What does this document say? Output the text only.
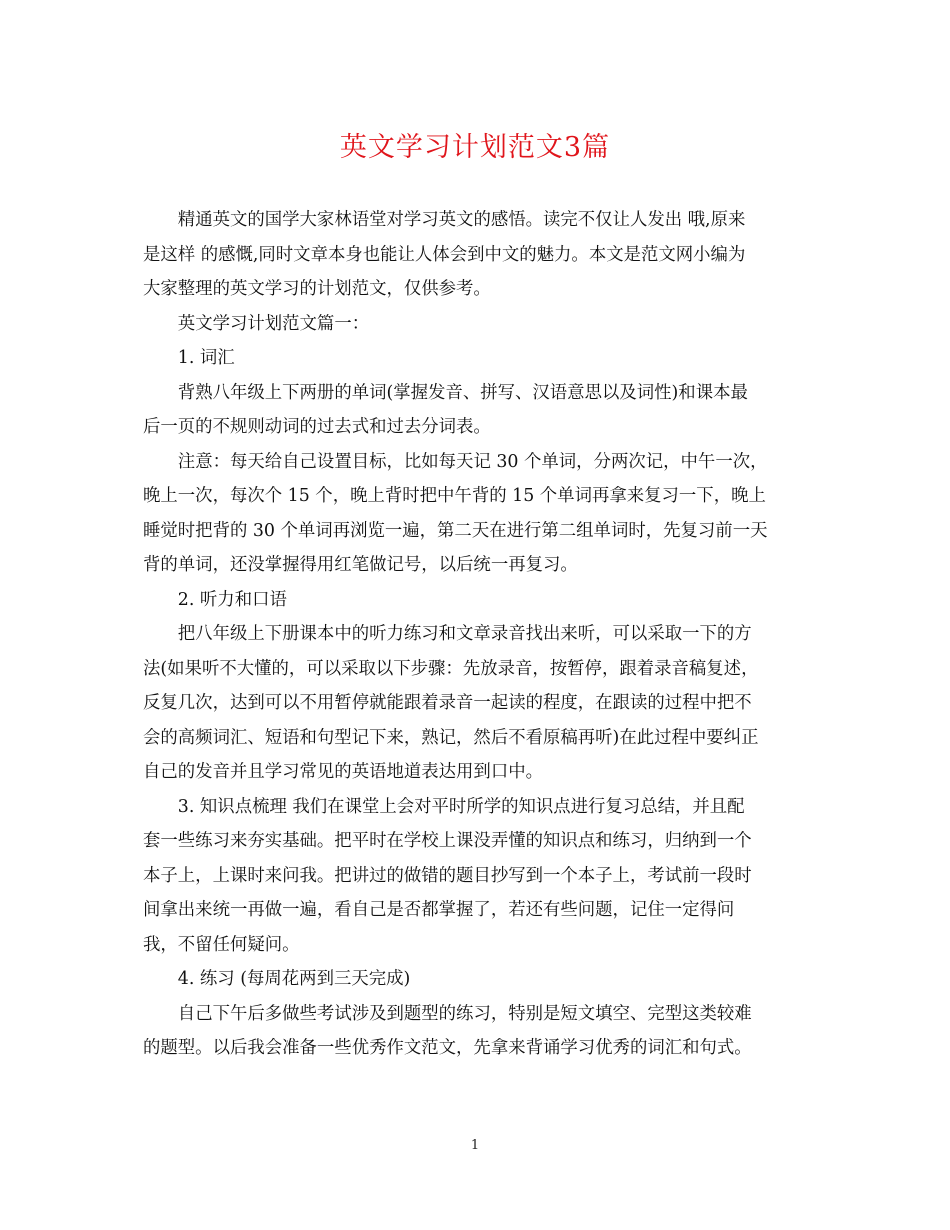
英文学习计划范文3篇

精通英文的国学大家林语堂对学习英文的感悟。读完不仅让人发出 哦,原来
是这样 的感慨,同时文章本身也能让人体会到中文的魅力。本文是范文网小编为
大家整理的英文学习的计划范文，仅供参考。

英文学习计划范文篇一：

1. 词汇

背熟八年级上下两册的单词(掌握发音、拼写、汉语意思以及词性)和课本最
后一页的不规则动词的过去式和过去分词表。

注意：每天给自己设置目标，比如每天记 30 个单词，分两次记，中午一次，
晚上一次，每次个 15 个，晚上背时把中午背的 15 个单词再拿来复习一下，晚上
睡觉时把背的 30 个单词再浏览一遍，第二天在进行第二组单词时，先复习前一天
背的单词，还没掌握得用红笔做记号，以后统一再复习。

2. 听力和口语

把八年级上下册课本中的听力练习和文章录音找出来听，可以采取一下的方
法(如果听不大懂的，可以采取以下步骤：先放录音，按暂停，跟着录音稿复述，
反复几次，达到可以不用暂停就能跟着录音一起读的程度，在跟读的过程中把不
会的高频词汇、短语和句型记下来，熟记，然后不看原稿再听)在此过程中要纠正
自己的发音并且学习常见的英语地道表达用到口中。

3. 知识点梳理 我们在课堂上会对平时所学的知识点进行复习总结，并且配
套一些练习来夯实基础。把平时在学校上课没弄懂的知识点和练习，归纳到一个
本子上，上课时来问我。把讲过的做错的题目抄写到一个本子上，考试前一段时
间拿出来统一再做一遍，看自己是否都掌握了，若还有些问题，记住一定得问
我，不留任何疑问。

4. 练习 (每周花两到三天完成)

自己下午后多做些考试涉及到题型的练习，特别是短文填空、完型这类较难
的题型。以后我会准备一些优秀作文范文，先拿来背诵学习优秀的词汇和句式。

1
